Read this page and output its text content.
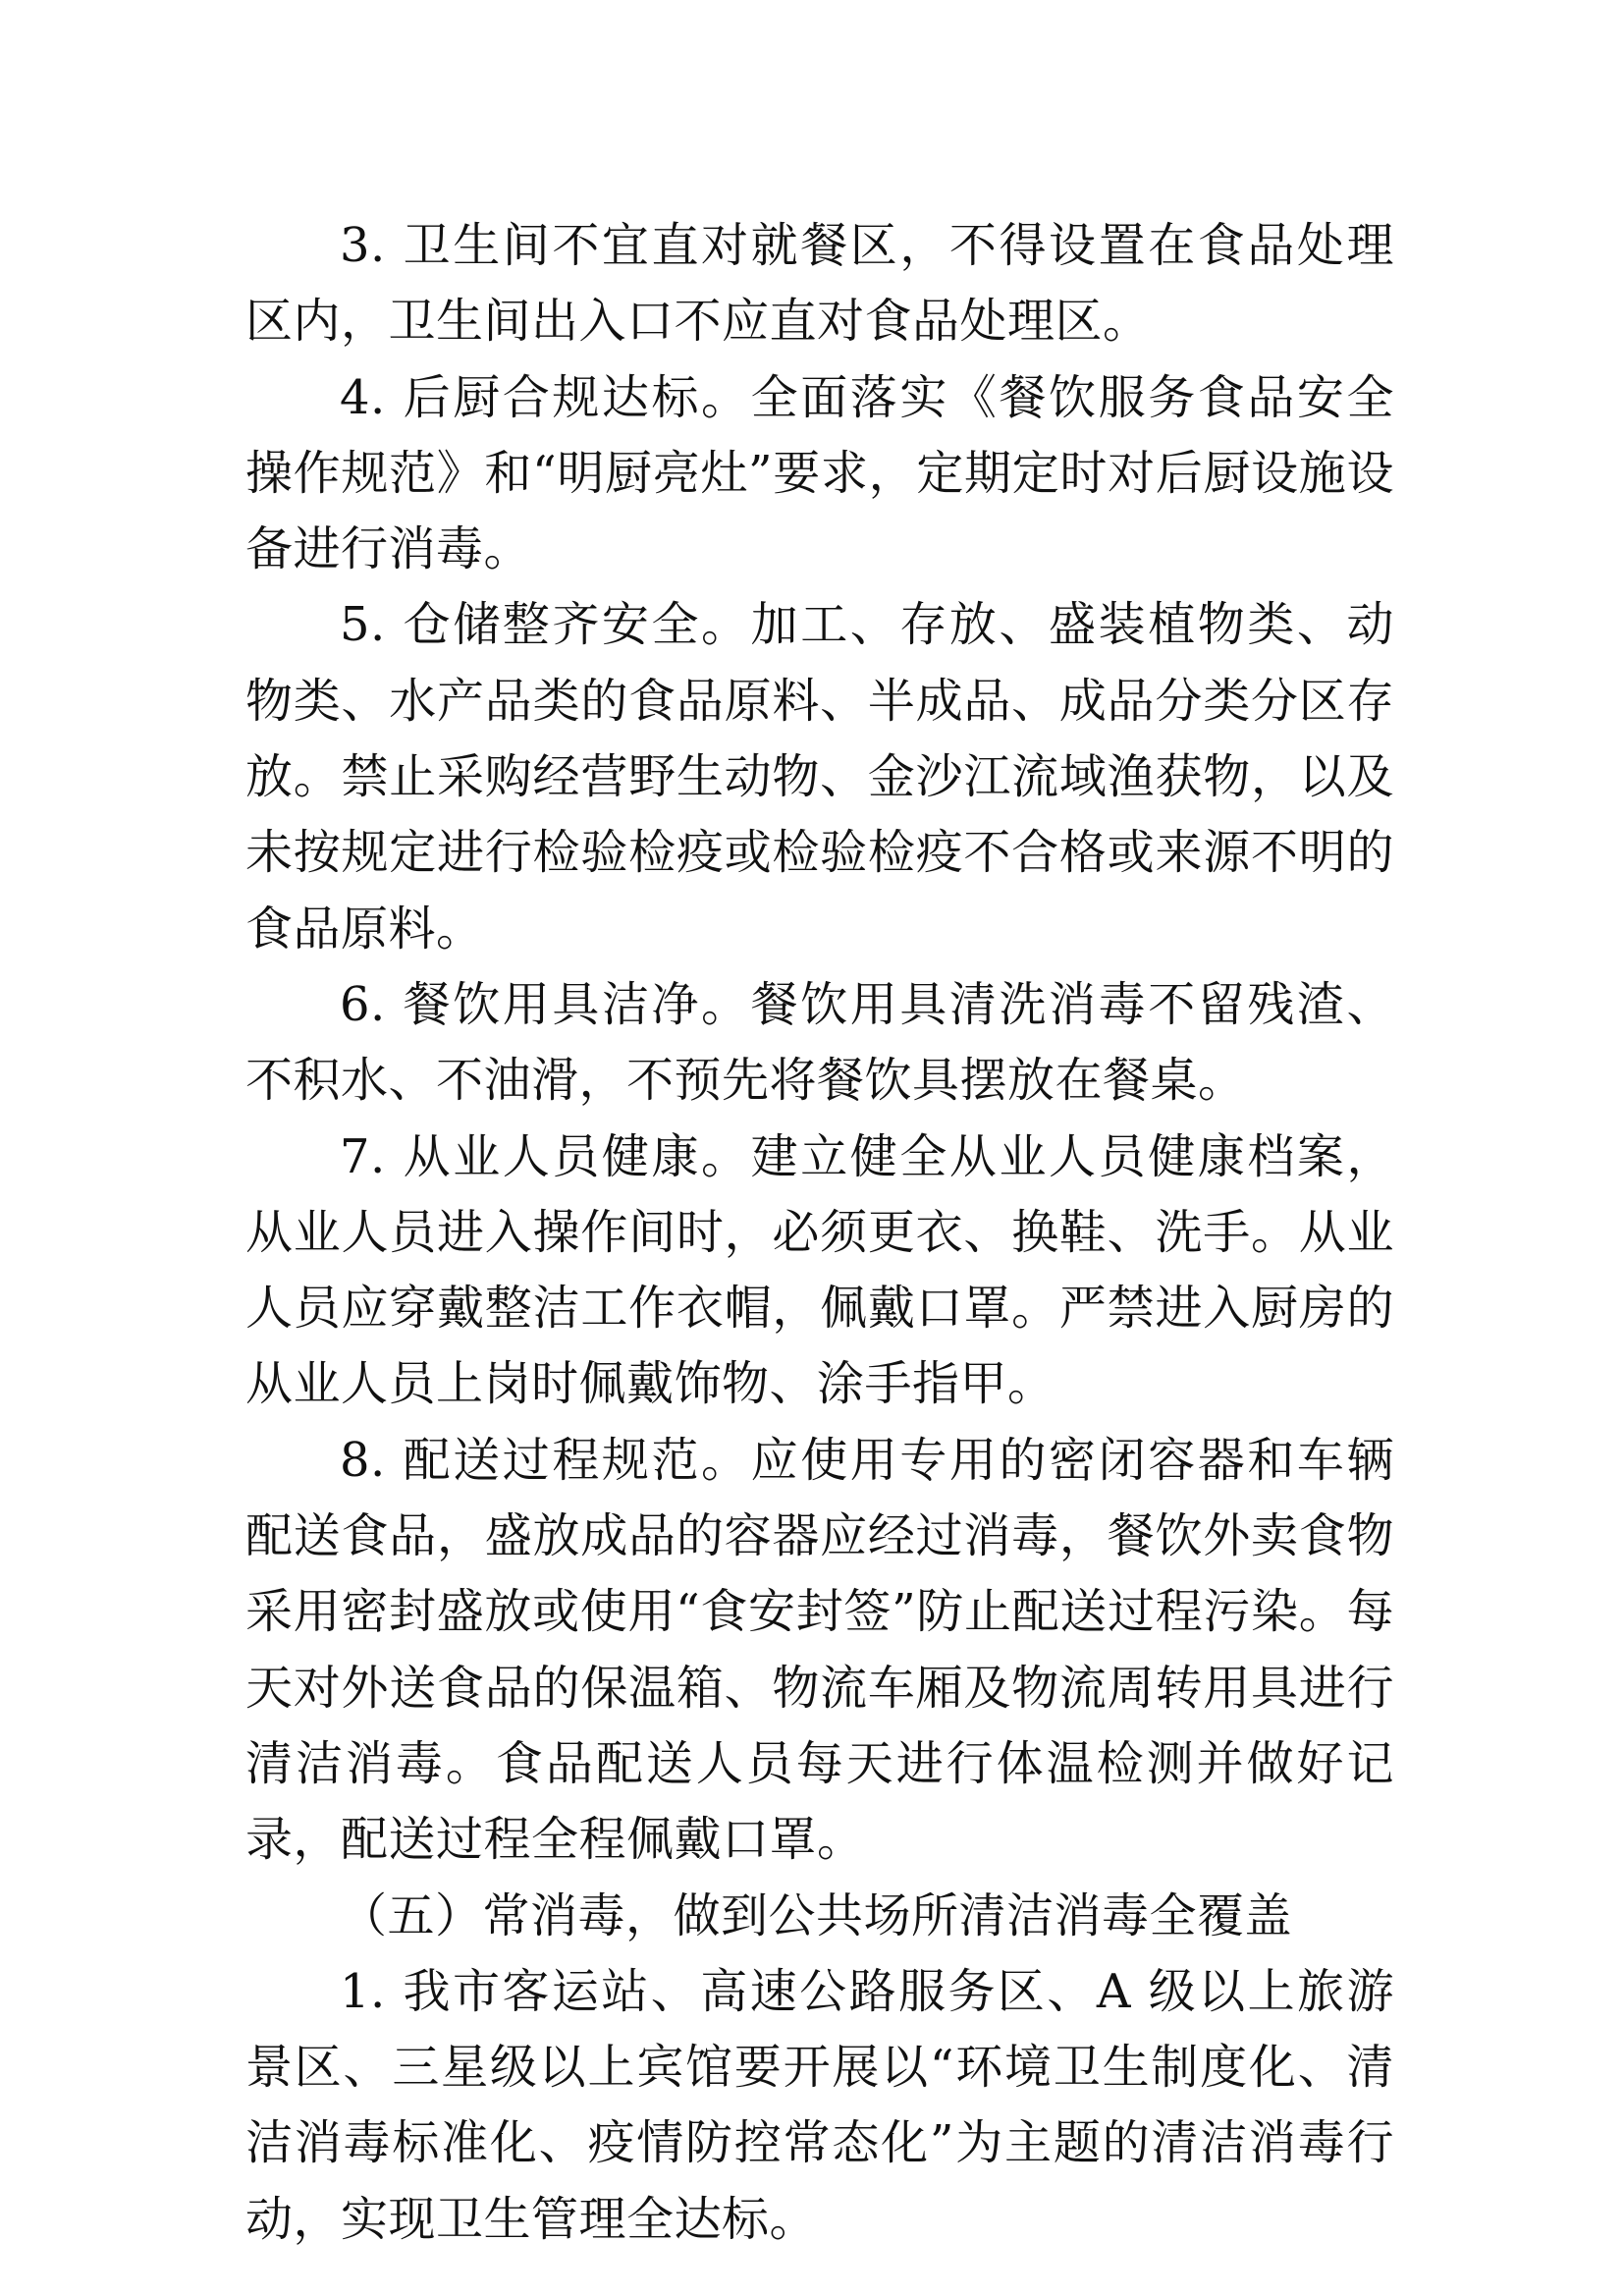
3. 卫生间不宜直对就餐区，不得设置在食品处理区内，卫生间出入口不应直对食品处理区。

4. 后厨合规达标。全面落实《餐饮服务食品安全操作规范》和“明厨亮灶”要求，定期定时对后厨设施设备进行消毒。

5. 仓储整齐安全。加工、存放、盛装植物类、动物类、水产品类的食品原料、半成品、成品分类分区存放。禁止采购经营野生动物、金沙江流域渔获物，以及未按规定进行检验检疫或检验检疫不合格或来源不明的食品原料。

6. 餐饮用具洁净。餐饮用具清洗消毒不留残渣、不积水、不油滑，不预先将餐饮具摆放在餐桌。

7. 从业人员健康。建立健全从业人员健康档案，从业人员进入操作间时，必须更衣、换鞋、洗手。从业人员应穿戴整洁工作衣帽，佩戴口罩。严禁进入厨房的从业人员上岗时佩戴饰物、涂手指甲。

8. 配送过程规范。应使用专用的密闭容器和车辆配送食品，盛放成品的容器应经过消毒，餐饮外卖食物采用密封盛放或使用“食安封签”防止配送过程污染。每天对外送食品的保温箱、物流车厢及物流周转用具进行清洁消毒。食品配送人员每天进行体温检测并做好记录，配送过程全程佩戴口罩。

（五）常消毒，做到公共场所清洁消毒全覆盖

1. 我市客运站、高速公路服务区、A 级以上旅游景区、三星级以上宾馆要开展以“环境卫生制度化、清洁消毒标准化、疫情防控常态化”为主题的清洁消毒行动，实现卫生管理全达标。
